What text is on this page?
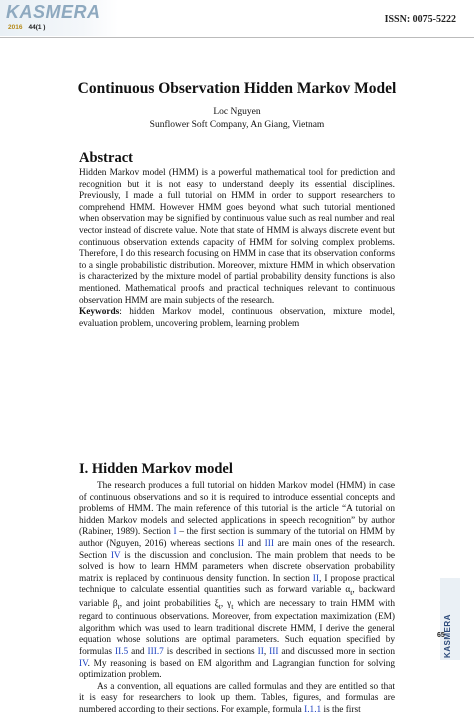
KASMERA
2016 44(1 )
ISSN: 0075-5222
Continuous Observation Hidden Markov Model
Loc Nguyen
Sunflower Soft Company, An Giang, Vietnam
Abstract

Hidden Markov model (HMM) is a powerful mathematical tool for prediction and recognition but it is not easy to understand deeply its essential disciplines. Previously, I made a full tutorial on HMM in order to support researchers to comprehend HMM. However HMM goes beyond what such tutorial mentioned when observation may be signified by continuous value such as real number and real vector instead of discrete value. Note that state of HMM is always discrete event but continuous observation extends capacity of HMM for solving complex problems. Therefore, I do this research focusing on HMM in case that its observation conforms to a single probabilistic distribution. Moreover, mixture HMM in which observation is characterized by the mixture model of partial probability density functions is also mentioned. Mathematical proofs and practical techniques relevant to continuous observation HMM are main subjects of the research.

Keywords: hidden Markov model, continuous observation, mixture model, evaluation problem, uncovering problem, learning problem

I. Hidden Markov model

The research produces a full tutorial on hidden Markov model (HMM) in case of continuous observations and so it is required to introduce essential concepts and problems of HMM. The main reference of this tutorial is the article “A tutorial on hidden Markov models and selected applications in speech recognition” by author (Rabiner, 1989). Section I – the first section is summary of the tutorial on HMM by author (Nguyen, 2016) whereas sections II and III are main ones of the research. Section IV is the discussion and conclusion. The main problem that needs to be solved is how to learn HMM parameters when discrete observation probability matrix is replaced by continuous density function. In section II, I propose practical technique to calculate essential quantities such as forward variable $\alpha_t$, backward variable $\beta_t$, and joint probabilities $\xi_t$, $\gamma_t$ which are necessary to train HMM with regard to continuous observations. Moreover, from expectation maximization (EM) algorithm which was used to learn traditional discrete HMM, I derive the general equation whose solutions are optimal parameters. Such equation specified by formulas II.5 and III.7 is described in sections II, III and discussed more in section IV. My reasoning is based on EM algorithm and Lagrangian function for solving optimization problem.

As a convention, all equations are called formulas and they are entitled so that it is easy for researchers to look up them. Tables, figures, and formulas are numbered according to their sections. For example, formula I.1.1 is the first

KASMERA
65
